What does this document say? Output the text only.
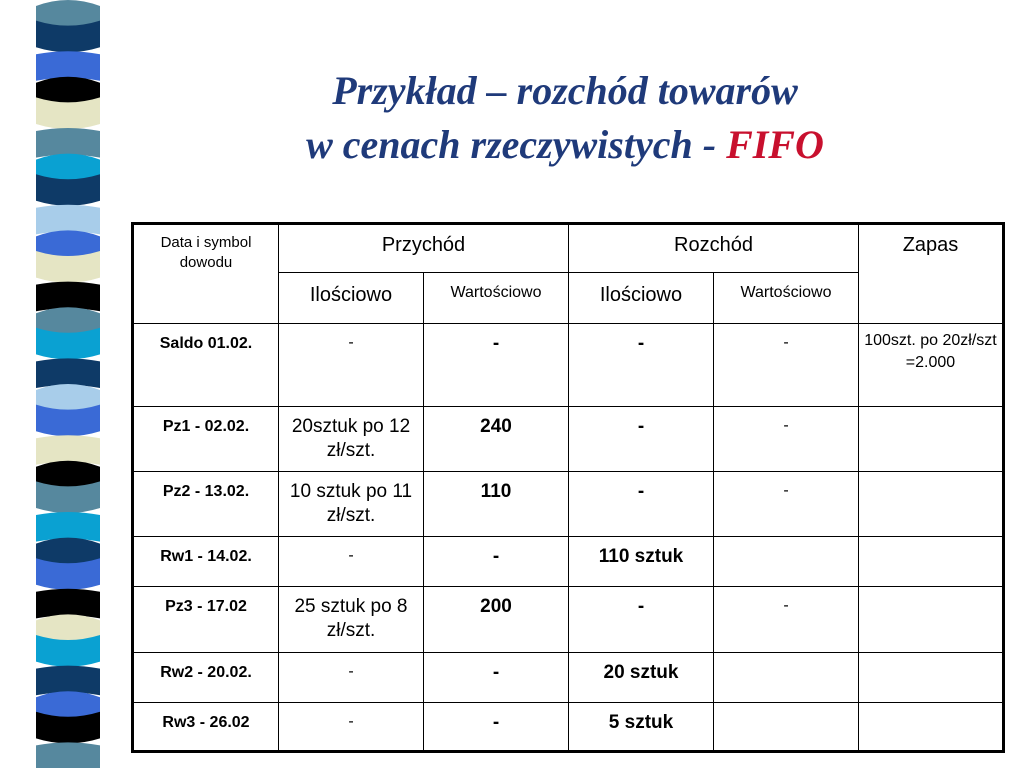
Przykład – rozchód towarów
w cenach rzeczywistych - FIFO
Data i symbol dowodu	Przychód		Rozchód		Zapas
	Ilościowo	Wartościowo	Ilościowo	Wartościowo	
Saldo 01.02.	-	-	-	-	100szt. po 20zł/szt =2.000
Pz1 - 02.02.	20sztuk po 12 zł/szt.	240	-	-	
Pz2 - 13.02.	10 sztuk po 11 zł/szt.	110	-	-	
Rw1 - 14.02.	-	-	110 sztuk		
Pz3 - 17.02	25 sztuk po 8 zł/szt.	200	-	-	
Rw2 - 20.02.	-	-	20 sztuk		
Rw3 - 26.02	-	-	5 sztuk		
